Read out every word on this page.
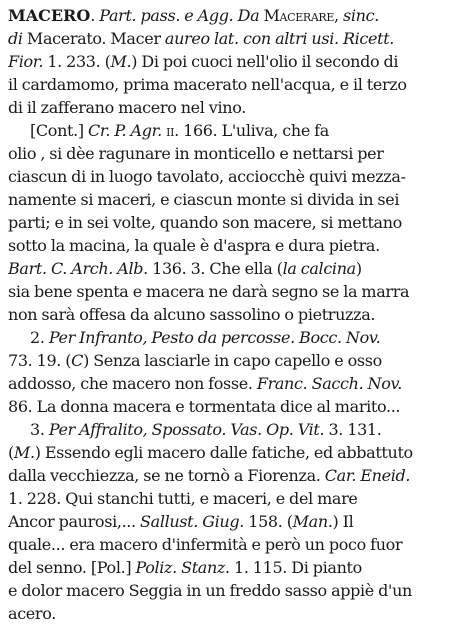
MACERO. Part. pass. e Agg. Da Macerare, sinc.
di Macerato. Macer aureo lat. con altri usi. Ricett.
Fior. 1. 233. (M.) Di poi cuoci nell'olio il secondo di
il cardamomo, prima macerato nell'acqua, e il terzo
di il zafferano macero nel vino.
[Cont.] Cr. P. Agr. ii. 166. L'uliva, che fa
olio , si dèe ragunare in monticello e nettarsi per
ciascun di in luogo tavolato, acciocchè quivi mezza-
namente si maceri, e ciascun monte si divida in sei
parti; e in sei volte, quando son macere, si mettano
sotto la macina, la quale è d'aspra e dura pietra.
Bart. C. Arch. Alb. 136. 3. Che ella (la calcina)
sia bene spenta e macera ne darà segno se la marra
non sarà offesa da alcuno sassolino o pietruzza.
2. Per Infranto, Pesto da percosse. Bocc. Nov.
73. 19. (C) Senza lasciarle in capo capello e osso
addosso, che macero non fosse. Franc. Sacch. Nov.
86. La donna macera e tormentata dice al marito...
3. Per Affralito, Spossato. Vas. Op. Vit. 3. 131.
(M.) Essendo egli macero dalle fatiche, ed abbattuto
dalla vecchiezza, se ne tornò a Fiorenza. Car. Eneid.
1. 228. Qui stanchi tutti, e maceri, e del mare
Ancor paurosi,... Sallust. Giug. 158. (Man.) Il
quale... era macero d'infermità e però un poco fuor
del senno. [Pol.] Poliz. Stanz. 1. 115. Di pianto
e dolor macero Seggia in un freddo sasso appiè d'un
acero.
